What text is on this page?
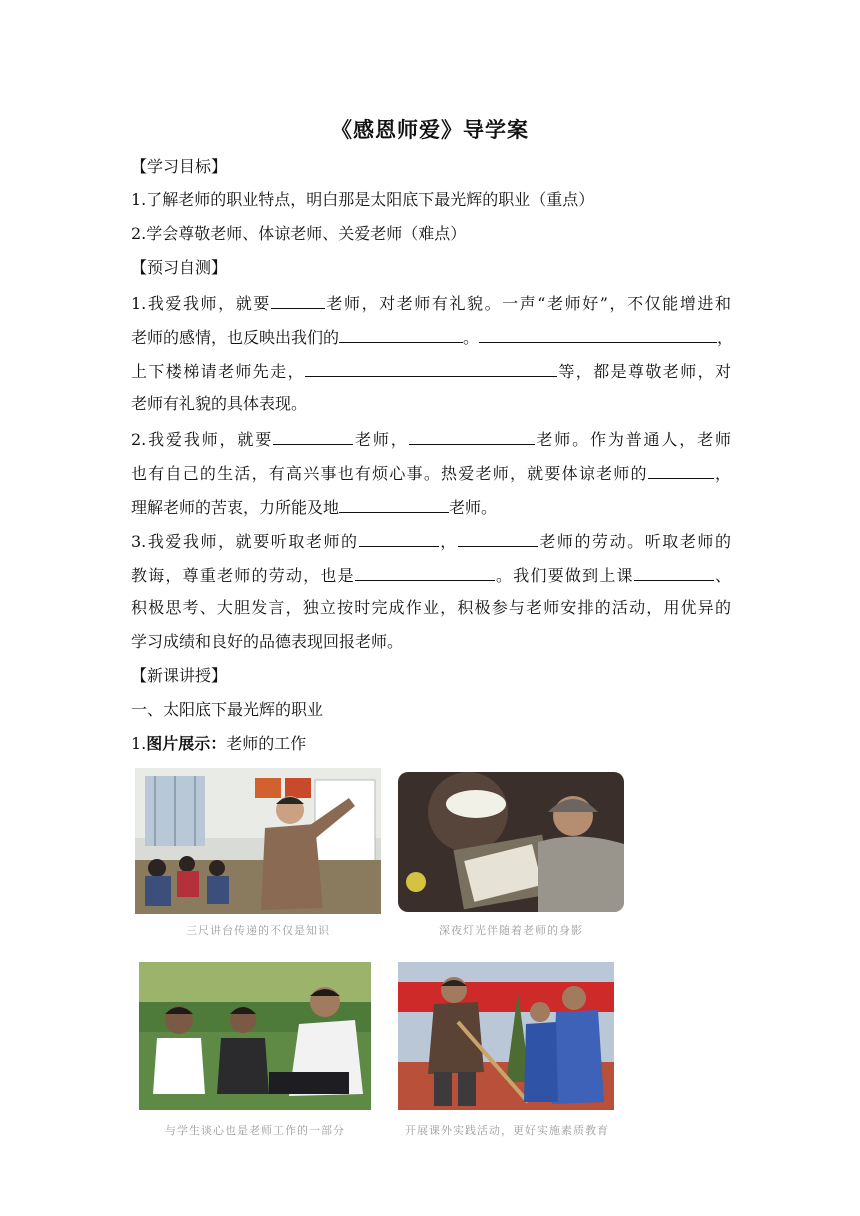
《感恩师爱》导学案
【学习目标】
1.了解老师的职业特点，明白那是太阳底下最光辉的职业（重点）
2.学会尊敬老师、体谅老师、关爱老师（难点）
【预习自测】
1.我爱我师，就要	老师，对老师有礼貌。一声“老师好”，不仅能增进和
老师的感情，也反映出我们的	。	，
上下楼梯请老师先走，	等，都是尊敬老师，对
老师有礼貌的具体表现。
2.我爱我师，就要	老师，	老师。作为普通人，老师
也有自己的生活，有高兴事也有烦心事。热爱老师，就要体谅老师的	，
理解老师的苦衷，力所能及地	老师。
3.我爱我师，就要听取老师的	，	老师的劳动。听取老师的
教诲，尊重老师的劳动，也是	。我们要做到上课	、
积极思考、大胆发言，独立按时完成作业，积极参与老师安排的活动，用优异的
学习成绩和良好的品德表现回报老师。
【新课讲授】
一、太阳底下最光辉的职业
1.图片展示：老师的工作
三尺讲台传递的不仅是知识	深夜灯光伴随着老师的身影
与学生谈心也是老师工作的一部分	开展课外实践活动，更好实施素质教育
